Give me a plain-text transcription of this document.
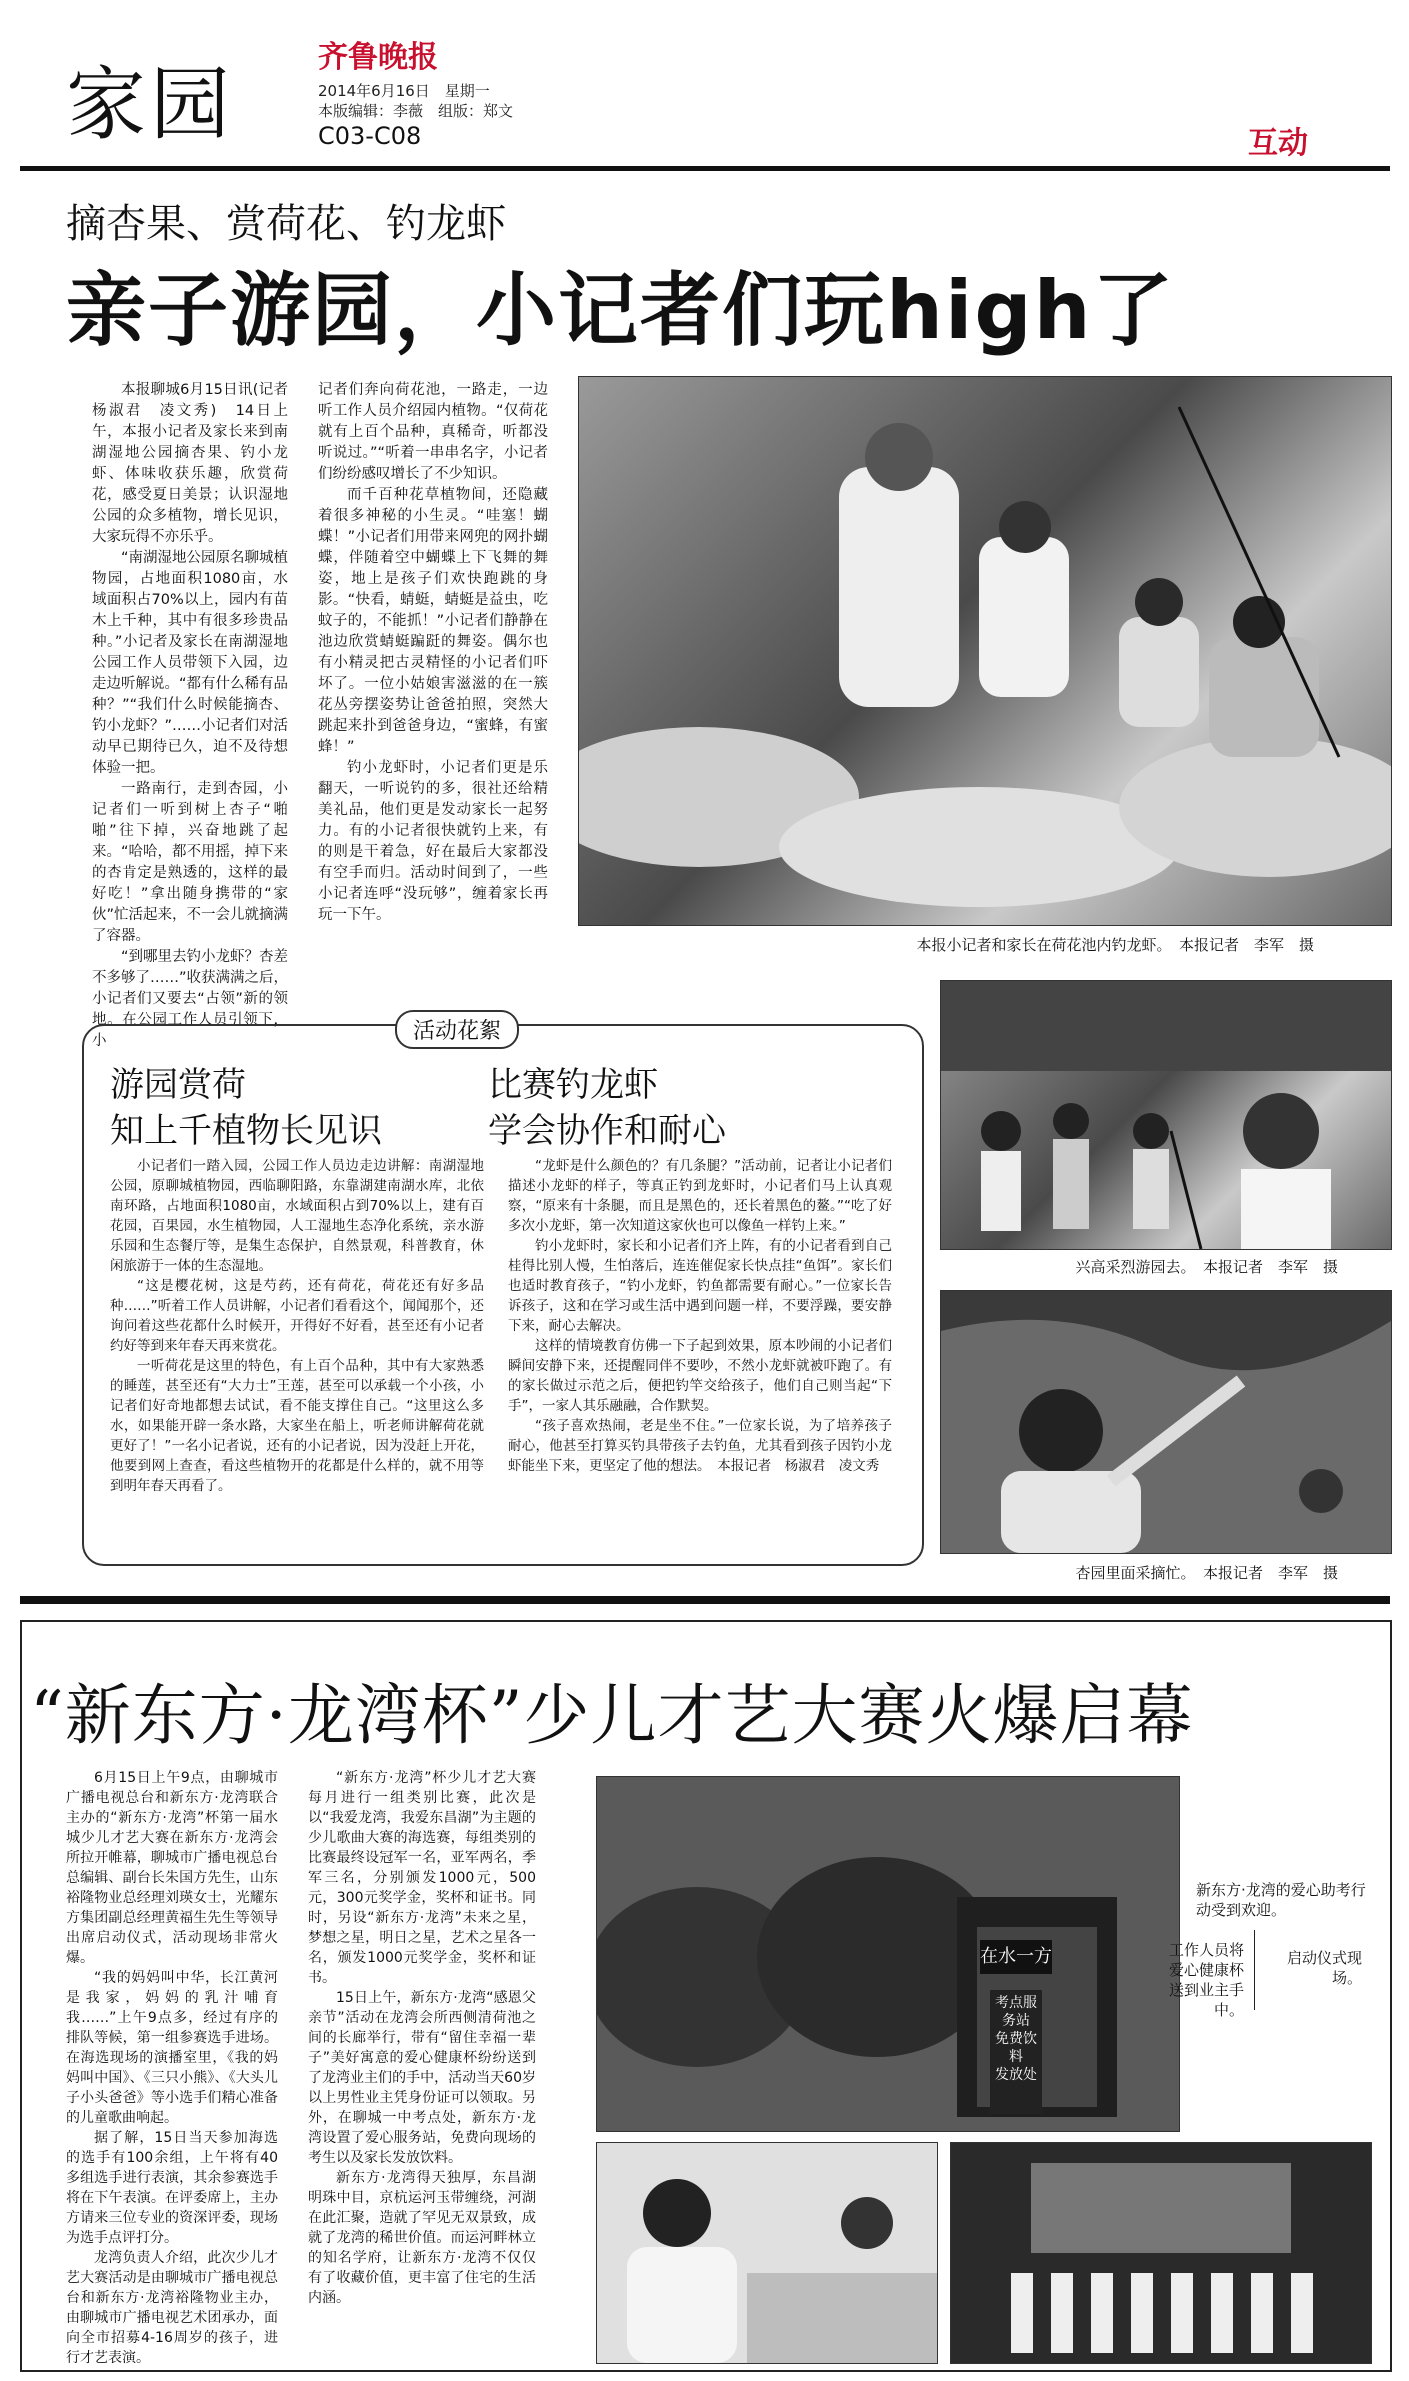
家园
齐鲁晚报
2014年6月16日　星期一
本版编辑：李薇　组版：郑文
C03-C08	互动
摘杏果、赏荷花、钓龙虾
亲子游园，小记者们玩high了

本报聊城6月15日讯(记者　杨淑君　凌文秀)　14日上午，本报小记者及家长来到南湖湿地公园摘杏果、钓小龙虾、体味收获乐趣，欣赏荷花，感受夏日美景；认识湿地公园的众多植物，增长见识，大家玩得不亦乐乎。

“南湖湿地公园原名聊城植物园，占地面积1080亩，水域面积占70%以上，园内有苗木上千种，其中有很多珍贵品种。”小记者及家长在南湖湿地公园工作人员带领下入园，边走边听解说。“都有什么稀有品种？”“我们什么时候能摘杏、钓小龙虾？”……小记者们对活动早已期待已久，迫不及待想体验一把。

一路南行，走到杏园，小记者们一听到树上杏子“啪啪”往下掉，兴奋地跳了起来。“哈哈，都不用摇，掉下来的杏肯定是熟透的，这样的最好吃！”拿出随身携带的“家伙”忙活起来，不一会儿就摘满了容器。

“到哪里去钓小龙虾？杏差不多够了……”收获满满之后，小记者们又要去“占领”新的领地。在公园工作人员引领下，小

记者们奔向荷花池，一路走，一边听工作人员介绍园内植物。“仅荷花就有上百个品种，真稀奇，听都没听说过。”“听着一串串名字，小记者们纷纷感叹增长了不少知识。

而千百种花草植物间，还隐藏着很多神秘的小生灵。“哇塞！蝴蝶！”小记者们用带来网兜的网扑蝴蝶，伴随着空中蝴蝶上下飞舞的舞姿，地上是孩子们欢快跑跳的身影。“快看，蜻蜓，蜻蜓是益虫，吃蚊子的，不能抓！”小记者们静静在池边欣赏蜻蜓蹁跹的舞姿。偶尔也有小精灵把古灵精怪的小记者们吓坏了。一位小姑娘害滋滋的在一簇花丛旁摆姿势让爸爸拍照，突然大跳起来扑到爸爸身边，“蜜蜂，有蜜蜂！”

钓小龙虾时，小记者们更是乐翻天，一听说钓的多，很社还给精美礼品，他们更是发动家长一起努力。有的小记者很快就钓上来，有的则是干着急，好在最后大家都没有空手而归。活动时间到了，一些小记者连呼“没玩够”，缠着家长再玩一下午。

本报小记者和家长在荷花池内钓龙虾。　本报记者　李军　摄
兴高采烈游园去。　本报记者　李军　摄
杏园里面采摘忙。　本报记者　李军　摄
活动花絮
游园赏荷
知上千植物长见识

小记者们一踏入园，公园工作人员边走边讲解：南湖湿地公园，原聊城植物园，西临聊阳路，东靠湖建南湖水库，北依南环路，占地面积1080亩，水域面积占到70%以上，建有百花园，百果园，水生植物园，人工湿地生态净化系统，亲水游乐园和生态餐厅等，是集生态保护，自然景观，科普教育，休闲旅游于一体的生态湿地。

“这是樱花树，这是芍药，还有荷花，荷花还有好多品种……”听着工作人员讲解，小记者们看看这个，闻闻那个，还询问着这些花都什么时候开，开得好不好看，甚至还有小记者约好等到来年春天再来赏花。

一听荷花是这里的特色，有上百个品种，其中有大家熟悉的睡莲，甚至还有“大力士”王莲，甚至可以承载一个小孩，小记者们好奇地都想去试试，看不能支撑住自己。“这里这么多水，如果能开辟一条水路，大家坐在船上，听老师讲解荷花就更好了！”一名小记者说，还有的小记者说，因为没赶上开花，他要到网上查查，看这些植物开的花都是什么样的，就不用等到明年春天再看了。

比赛钓龙虾
学会协作和耐心

“龙虾是什么颜色的？有几条腿？”活动前，记者让小记者们描述小龙虾的样子，等真正钓到龙虾时，小记者们马上认真观察，“原来有十条腿，而且是黑色的，还长着黑色的鳌。”“吃了好多次小龙虾，第一次知道这家伙也可以像鱼一样钓上来。”

钓小龙虾时，家长和小记者们齐上阵，有的小记者看到自己桂得比别人慢，生怕落后，连连催促家长快点挂“鱼饵”。家长们也适时教育孩子，“钓小龙虾，钓鱼都需要有耐心。”一位家长告诉孩子，这和在学习或生活中遇到问题一样，不要浮躁，要安静下来，耐心去解决。

这样的情境教育仿佛一下子起到效果，原本吵闹的小记者们瞬间安静下来，还提醒同伴不要吵，不然小龙虾就被吓跑了。有的家长做过示范之后，便把钓竿交给孩子，他们自己则当起“下手”，一家人其乐融融，合作默契。

“孩子喜欢热闹，老是坐不住。”一位家长说，为了培养孩子耐心，他甚至打算买钓具带孩子去钓鱼，尤其看到孩子因钓小龙虾能坐下来，更坚定了他的想法。　本报记者　杨淑君　凌文秀

“新东方·龙湾杯”少儿才艺大赛火爆启幕

6月15日上午9点，由聊城市广播电视总台和新东方·龙湾联合主办的“新东方·龙湾”杯第一届水城少儿才艺大赛在新东方·龙湾会所拉开帷幕，聊城市广播电视总台总编辑、副台长朱国方先生，山东裕隆物业总经理刘瑛女士，光耀东方集团副总经理黄福生先生等领导出席启动仪式，活动现场非常火爆。

“我的妈妈叫中华，长江黄河是我家，妈妈的乳汁哺育我……”上午9点多，经过有序的排队等候，第一组参赛选手进场。在海选现场的演播室里，《我的妈妈叫中国》、《三只小熊》、《大头儿子小头爸爸》等小选手们精心准备的儿童歌曲响起。

据了解，15日当天参加海选的选手有100余组，上午将有40多组选手进行表演，其余参赛选手将在下午表演。在评委席上，主办方请来三位专业的资深评委，现场为选手点评打分。

龙湾负责人介绍，此次少儿才艺大赛活动是由聊城市广播电视总台和新东方·龙湾裕隆物业主办，由聊城市广播电视艺术团承办，面向全市招募4-16周岁的孩子，进行才艺表演。

“新东方·龙湾”杯少儿才艺大赛每月进行一组类别比赛，此次是以“我爱龙湾，我爱东昌湖”为主题的少儿歌曲大赛的海选赛，每组类别的比赛最终设冠军一名，亚军两名，季军三名，分别颁发1000元，500元，300元奖学金，奖杯和证书。同时，另设“新东方·龙湾”未来之星，梦想之星，明日之星，艺术之星各一名，颁发1000元奖学金，奖杯和证书。

15日上午，新东方·龙湾“感恩父亲节”活动在龙湾会所西侧清荷池之间的长廊举行，带有“留住幸福一辈子”美好寓意的爱心健康杯纷纷送到了龙湾业主们的手中，活动当天60岁以上男性业主凭身份证可以领取。另外，在聊城一中考点处，新东方·龙湾设置了爱心服务站，免费向现场的考生以及家长发放饮料。

新东方·龙湾得天独厚，东昌湖明珠中目，京杭运河玉带缠绕，河湖在此汇聚，造就了罕见无双景致，成就了龙湾的稀世价值。而运河畔林立的知名学府，让新东方·龙湾不仅仅有了收藏价值，更丰富了住宅的生活内涵。

在水一方
考点服务站
免费饮料
发放处
新东方·龙湾的爱心助考行动受到欢迎。
工作人员将爱心健康杯送到业主手中。
启动仪式现场。
